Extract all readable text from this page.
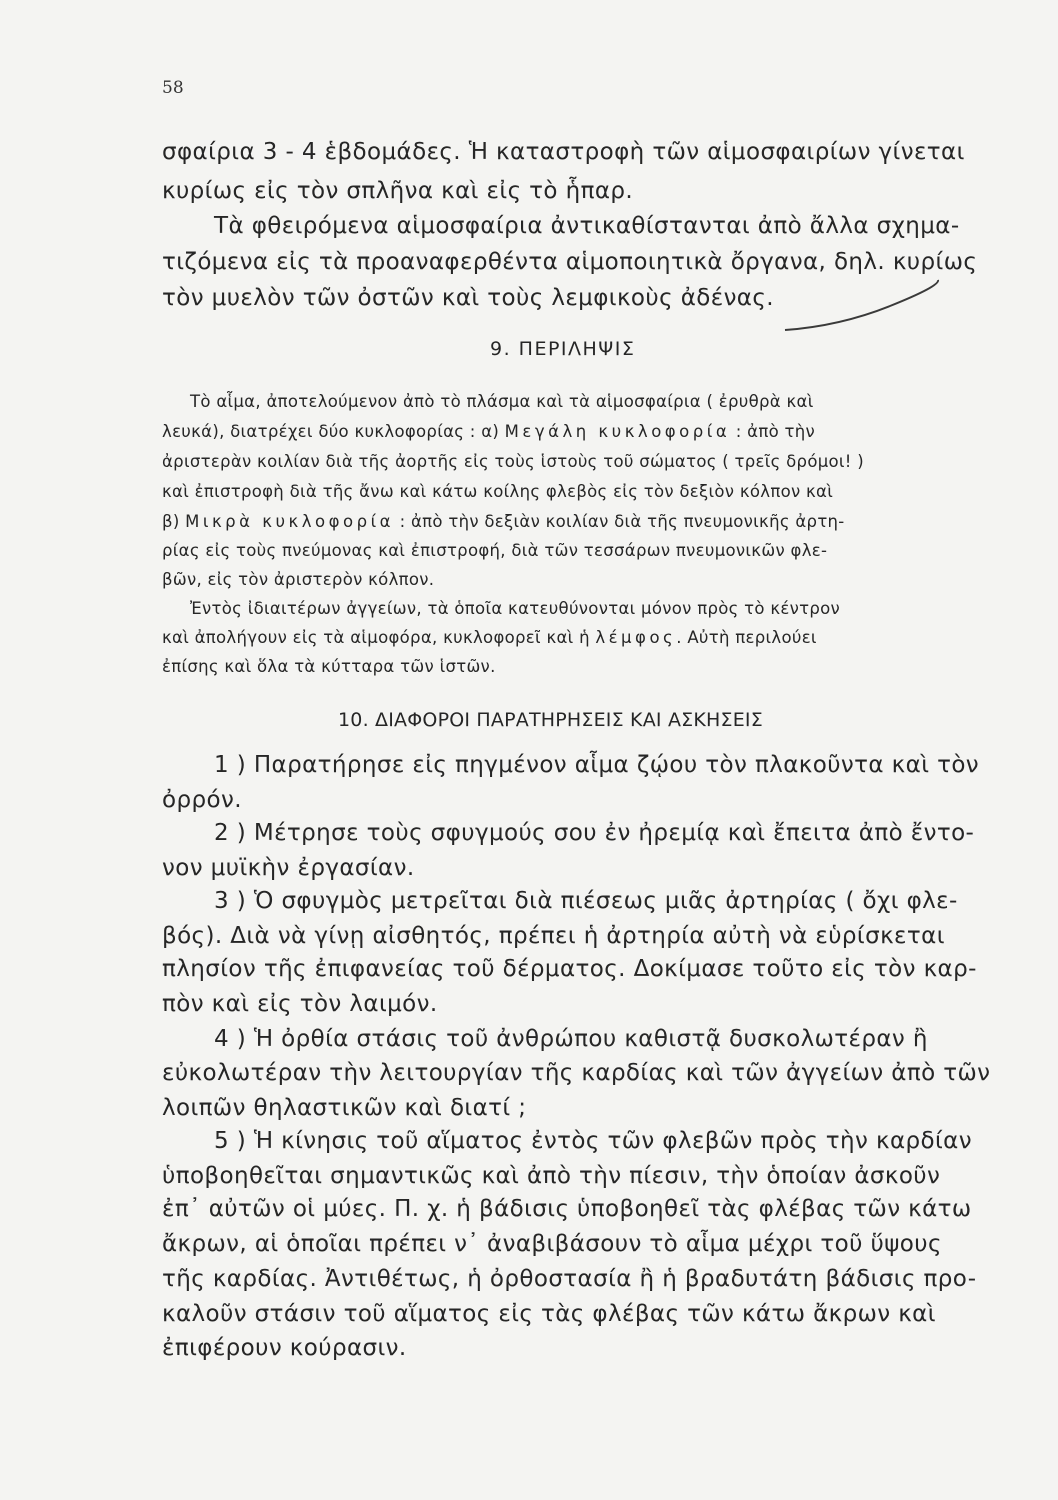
58
σφαίρια 3 - 4 ἑβδομάδες. Ἡ καταστροφὴ τῶν αἱμοσφαιρίων γίνεται
κυρίως εἰς τὸν σπλῆνα καὶ εἰς τὸ ἧπαρ.
Τὰ φθειρόμενα αἱμοσφαίρια ἀντικαθίστανται ἀπὸ ἄλλα σχημα-
τιζόμενα εἰς τὰ προαναφερθέντα αἱμοποιητικὰ ὄργανα, δηλ. κυρίως
τὸν μυελὸν τῶν ὀστῶν καὶ τοὺς λεμφικοὺς ἀδένας.
9. ΠΕΡΙΛΗΨΙΣ
Τὸ αἷμα, ἀποτελούμενον ἀπὸ τὸ πλάσμα καὶ τὰ αἱμοσφαίρια ( ἐρυθρὰ καὶ
λευκά), διατρέχει δύο κυκλοφορίας : α) Μεγάλη κυκλοφορία : ἀπὸ τὴν
ἀριστερὰν κοιλίαν διὰ τῆς ἀορτῆς εἰς τοὺς ἱστοὺς τοῦ σώματος ( τρεῖς δρόμοι! )
καὶ ἐπιστροφὴ διὰ τῆς ἄνω καὶ κάτω κοίλης φλεβὸς εἰς τὸν δεξιὸν κόλπον καὶ
β) Μικρὰ κυκλοφορία : ἀπὸ τὴν δεξιὰν κοιλίαν διὰ τῆς πνευμονικῆς ἀρτη-
ρίας εἰς τοὺς πνεύμονας καὶ ἐπιστροφή, διὰ τῶν τεσσάρων πνευμονικῶν φλε-
βῶν, εἰς τὸν ἀριστερὸν κόλπον.
Ἐντὸς ἰδιαιτέρων ἀγγείων, τὰ ὁποῖα κατευθύνονται μόνον πρὸς τὸ κέντρον
καὶ ἀπολήγουν εἰς τὰ αἱμοφόρα, κυκλοφορεῖ καὶ ἡ λέμφος. Αὐτὴ περιλούει
ἐπίσης καὶ ὅλα τὰ κύτταρα τῶν ἱστῶν.
10. ΔΙΑΦΟΡΟΙ ΠΑΡΑΤΗΡΗΣΕΙΣ ΚΑΙ ΑΣΚΗΣΕΙΣ
1 ) Παρατήρησε εἰς πηγμένον αἷμα ζῴου τὸν πλακοῦντα καὶ τὸν
ὀρρόν.
2 ) Μέτρησε τοὺς σφυγμούς σου ἐν ἠρεμίᾳ καὶ ἔπειτα ἀπὸ ἔντο-
νον μυϊκὴν ἐργασίαν.
3 ) Ὁ σφυγμὸς μετρεῖται διὰ πιέσεως μιᾶς ἀρτηρίας ( ὄχι φλε-
βός). Διὰ νὰ γίνῃ αἰσθητός, πρέπει ἡ ἀρτηρία αὐτὴ νὰ εὑρίσκεται
πλησίον τῆς ἐπιφανείας τοῦ δέρματος. Δοκίμασε τοῦτο εἰς τὸν καρ-
πὸν καὶ εἰς τὸν λαιμόν.
4 ) Ἡ ὀρθία στάσις τοῦ ἀνθρώπου καθιστᾷ δυσκολωτέραν ἢ
εὐκολωτέραν τὴν λειτουργίαν τῆς καρδίας καὶ τῶν ἀγγείων ἀπὸ τῶν
λοιπῶν θηλαστικῶν καὶ διατί ;
5 ) Ἡ κίνησις τοῦ αἵματος ἐντὸς τῶν φλεβῶν πρὸς τὴν καρδίαν
ὑποβοηθεῖται σημαντικῶς καὶ ἀπὸ τὴν πίεσιν, τὴν ὁποίαν ἀσκοῦν
ἐπ᾽ αὐτῶν οἱ μύες. Π. χ. ἡ βάδισις ὑποβοηθεῖ τὰς φλέβας τῶν κάτω
ἄκρων, αἱ ὁποῖαι πρέπει ν᾽ ἀναβιβάσουν τὸ αἷμα μέχρι τοῦ ὕψους
τῆς καρδίας. Ἀντιθέτως, ἡ ὀρθοστασία ἢ ἡ βραδυτάτη βάδισις πρo-
καλοῦν στάσιν τοῦ αἵματος εἰς τὰς φλέβας τῶν κάτω ἄκρων καὶ
ἐπιφέρουν κούρασιν.
